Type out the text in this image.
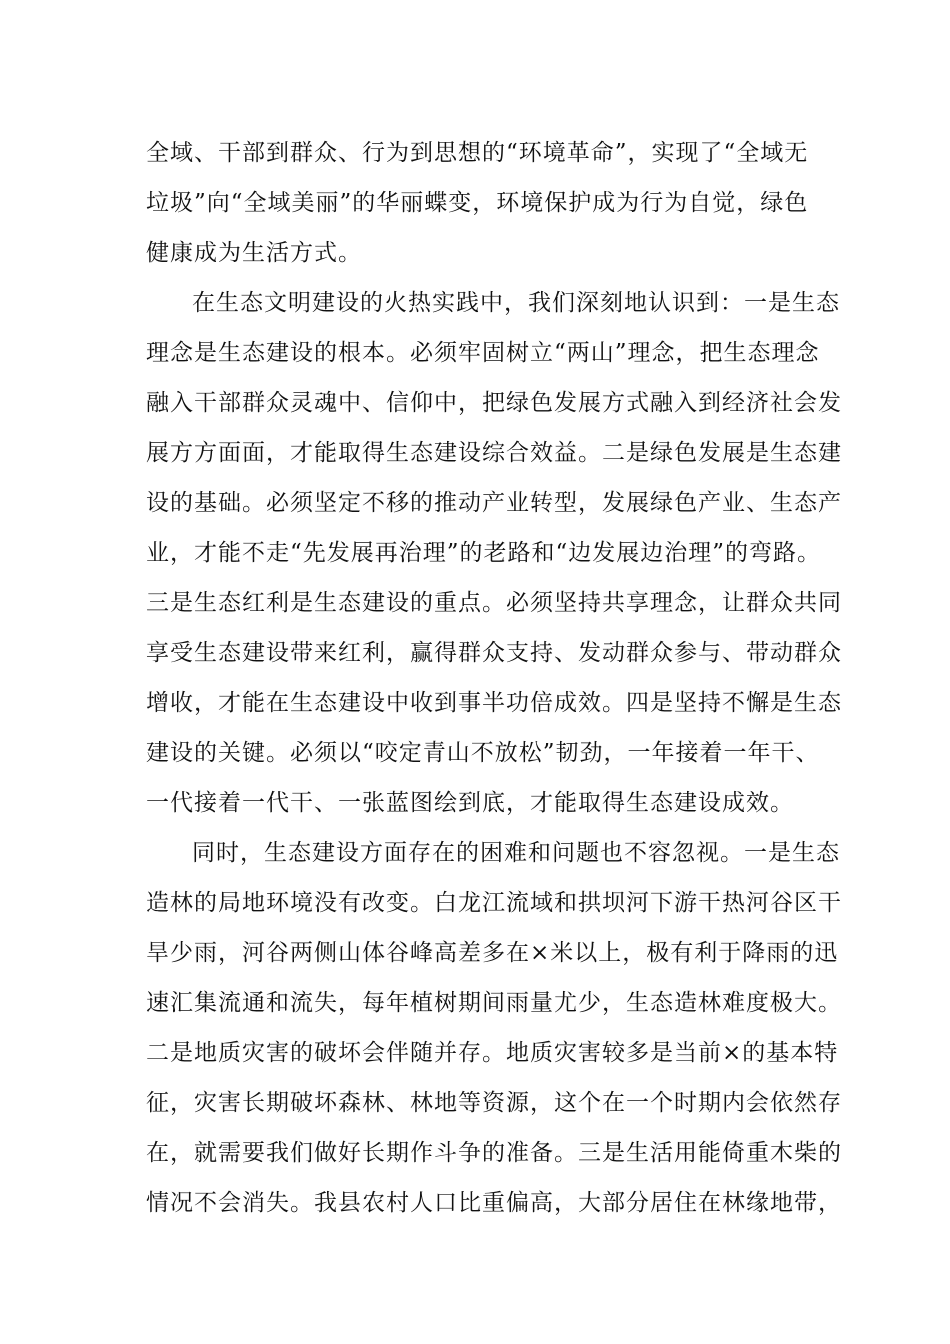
全域、干部到群众、行为到思想的“环境革命”，实现了“全域无
垃圾”向“全域美丽”的华丽蝶变，环境保护成为行为自觉，绿色
健康成为生活方式。
在生态文明建设的火热实践中，我们深刻地认识到：一是生态
理念是生态建设的根本。必须牢固树立“两山”理念，把生态理念
融入干部群众灵魂中、信仰中，把绿色发展方式融入到经济社会发
展方方面面，才能取得生态建设综合效益。二是绿色发展是生态建
设的基础。必须坚定不移的推动产业转型，发展绿色产业、生态产
业，才能不走“先发展再治理”的老路和“边发展边治理”的弯路。
三是生态红利是生态建设的重点。必须坚持共享理念，让群众共同
享受生态建设带来红利，赢得群众支持、发动群众参与、带动群众
增收，才能在生态建设中收到事半功倍成效。四是坚持不懈是生态
建设的关键。必须以“咬定青山不放松”韧劲，一年接着一年干、
一代接着一代干、一张蓝图绘到底，才能取得生态建设成效。
同时，生态建设方面存在的困难和问题也不容忽视。一是生态
造林的局地环境没有改变。白龙江流域和拱坝河下游干热河谷区干
旱少雨，河谷两侧山体谷峰高差多在×米以上，极有利于降雨的迅
速汇集流通和流失，每年植树期间雨量尤少，生态造林难度极大。
二是地质灾害的破坏会伴随并存。地质灾害较多是当前×的基本特
征，灾害长期破坏森林、林地等资源，这个在一个时期内会依然存
在，就需要我们做好长期作斗争的准备。三是生活用能倚重木柴的
情况不会消失。我县农村人口比重偏高，大部分居住在林缘地带，
